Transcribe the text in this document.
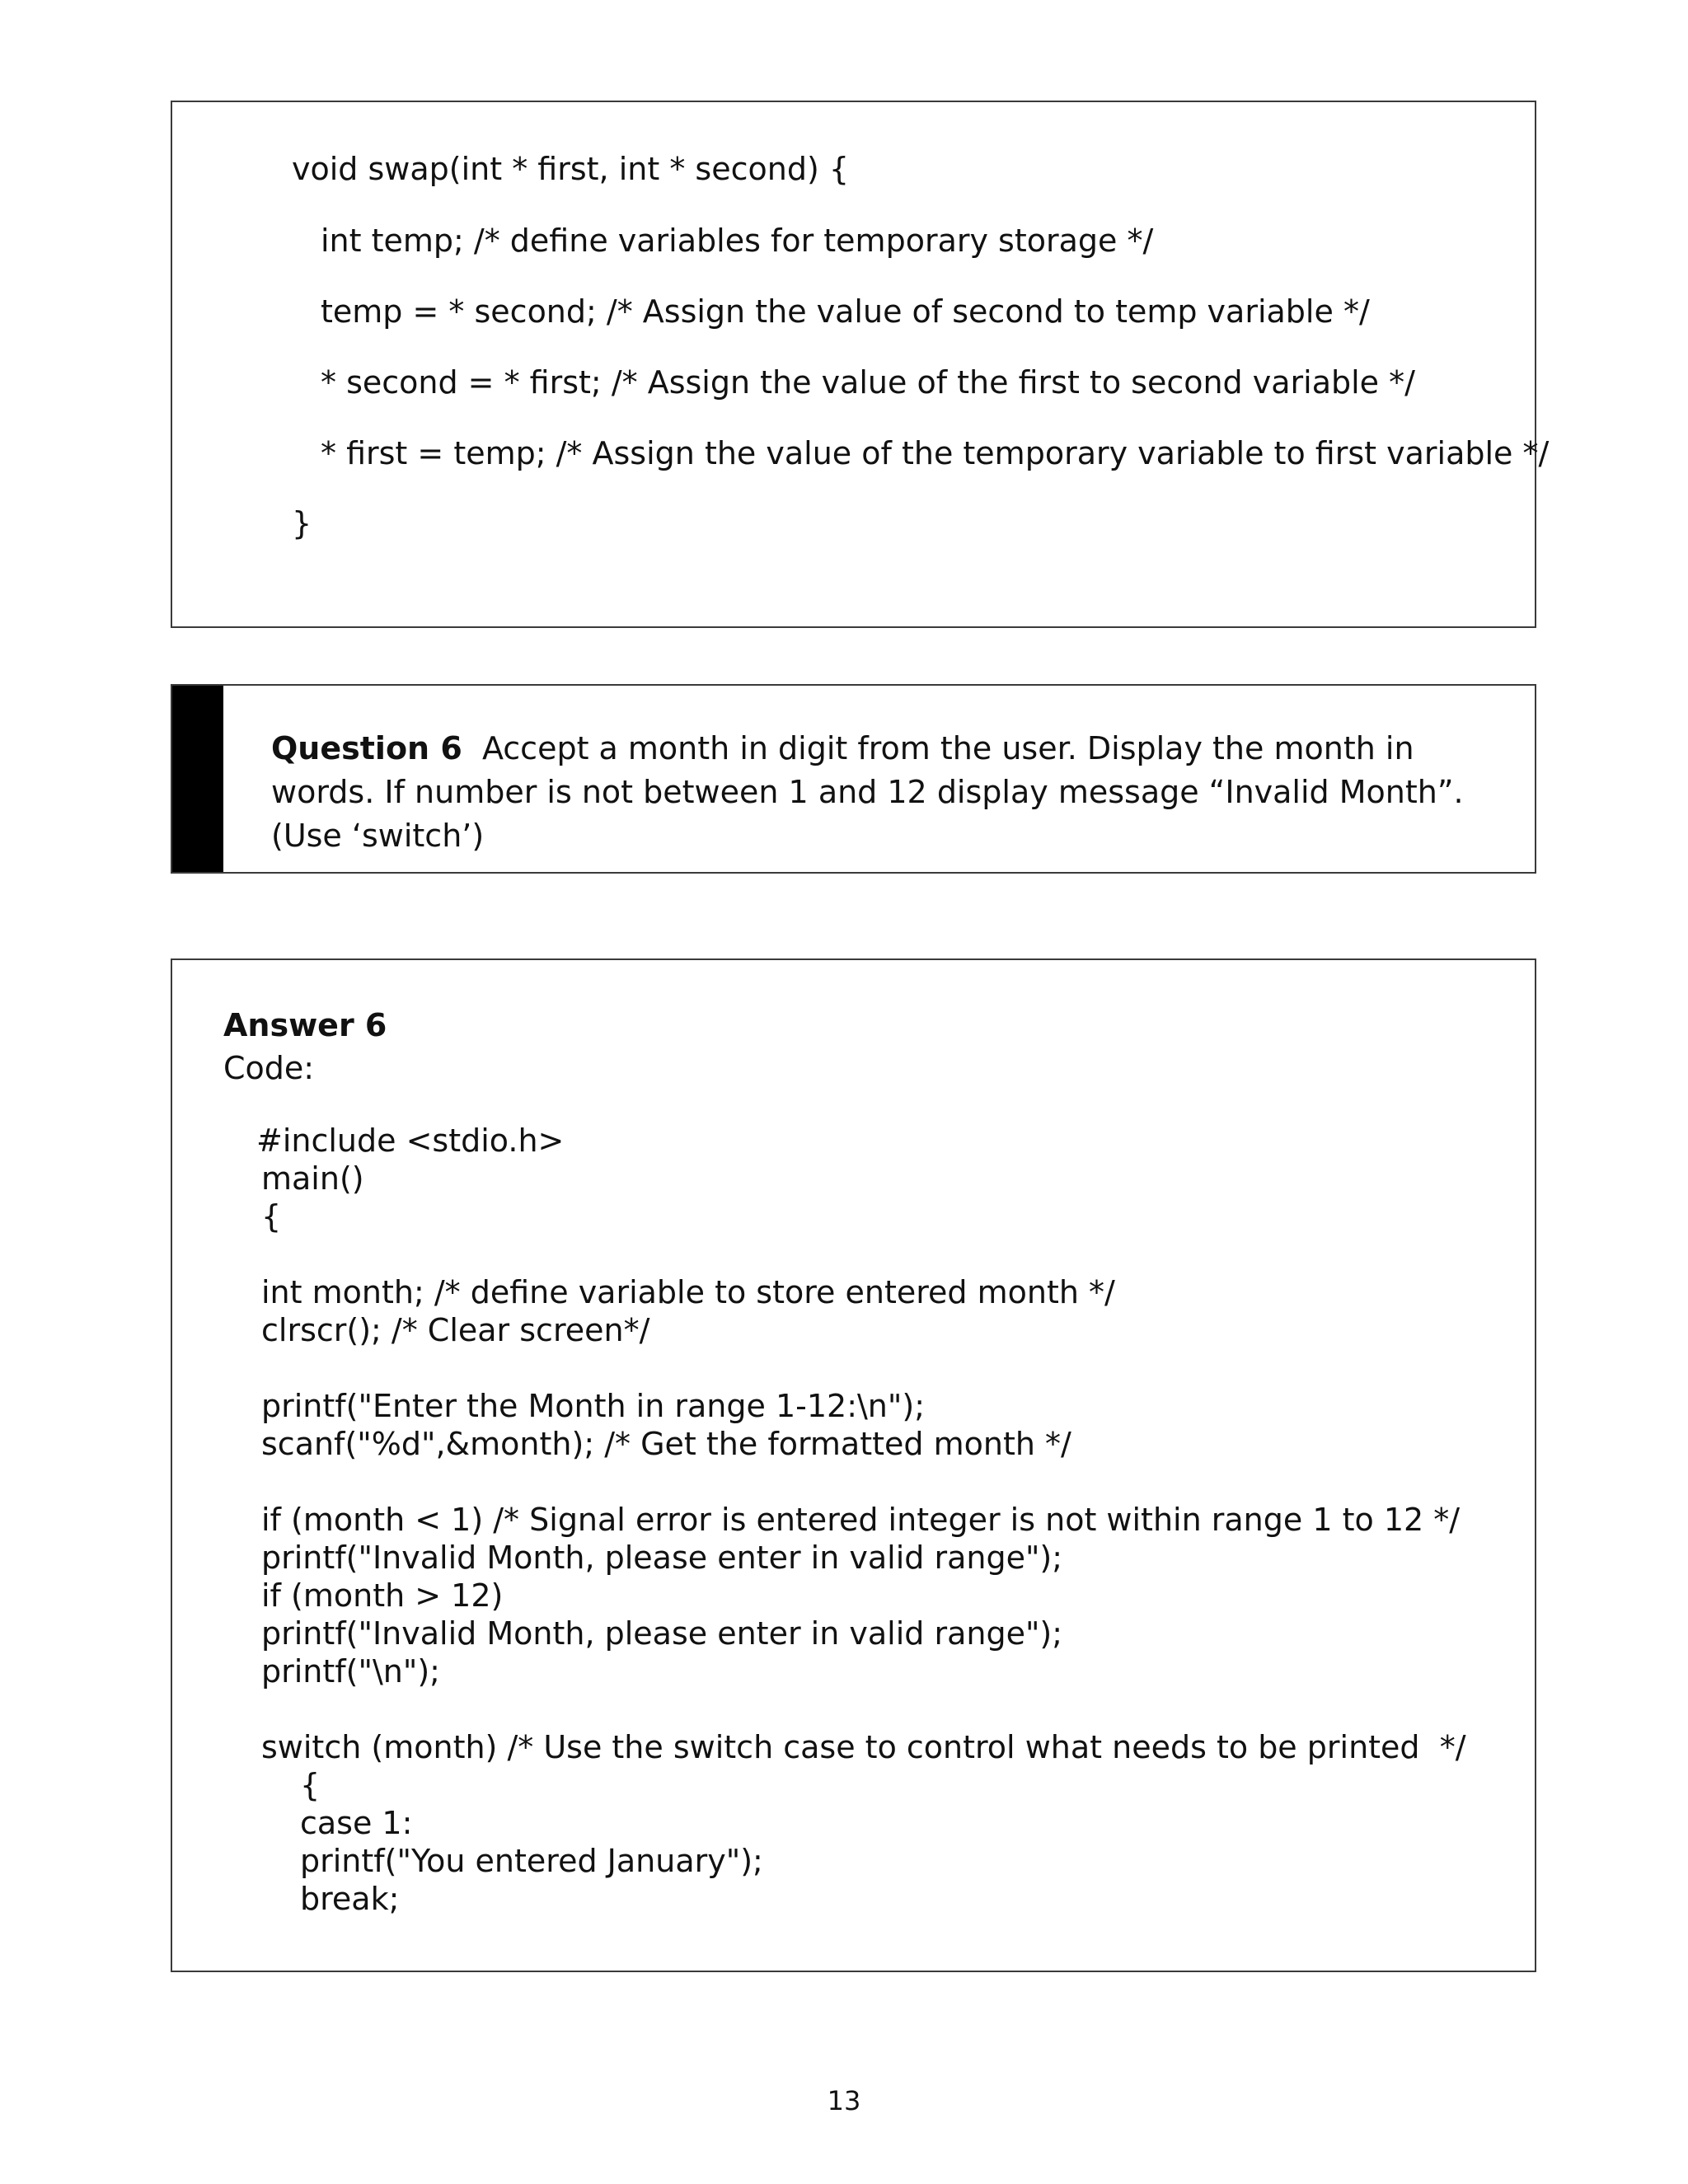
void swap(int * first, int * second) {
int temp; /* define variables for temporary storage */
temp = * second; /* Assign the value of second to temp variable */
* second = * first; /* Assign the value of the first to second variable */
* first = temp; /* Assign the value of the temporary variable to first variable */
}
Question 6 Accept a month in digit from the user. Display the month in words. If number is not between 1 and 12 display message “Invalid Month”. (Use ‘switch’)
Answer 6
Code:
#include <stdio.h>
main()
{
int month; /* define variable to store entered month */
clrscr(); /* Clear screen*/
printf("Enter the Month in range 1-12:\n");
scanf("%d",&month); /* Get the formatted month */
if (month < 1) /* Signal error is entered integer is not within range 1 to 12 */
printf("Invalid Month, please enter in valid range");
if (month > 12)
printf("Invalid Month, please enter in valid range");
printf("\n");
switch (month) /* Use the switch case to control what needs to be printed  */
{
case 1:
printf("You entered January");
break;
13
